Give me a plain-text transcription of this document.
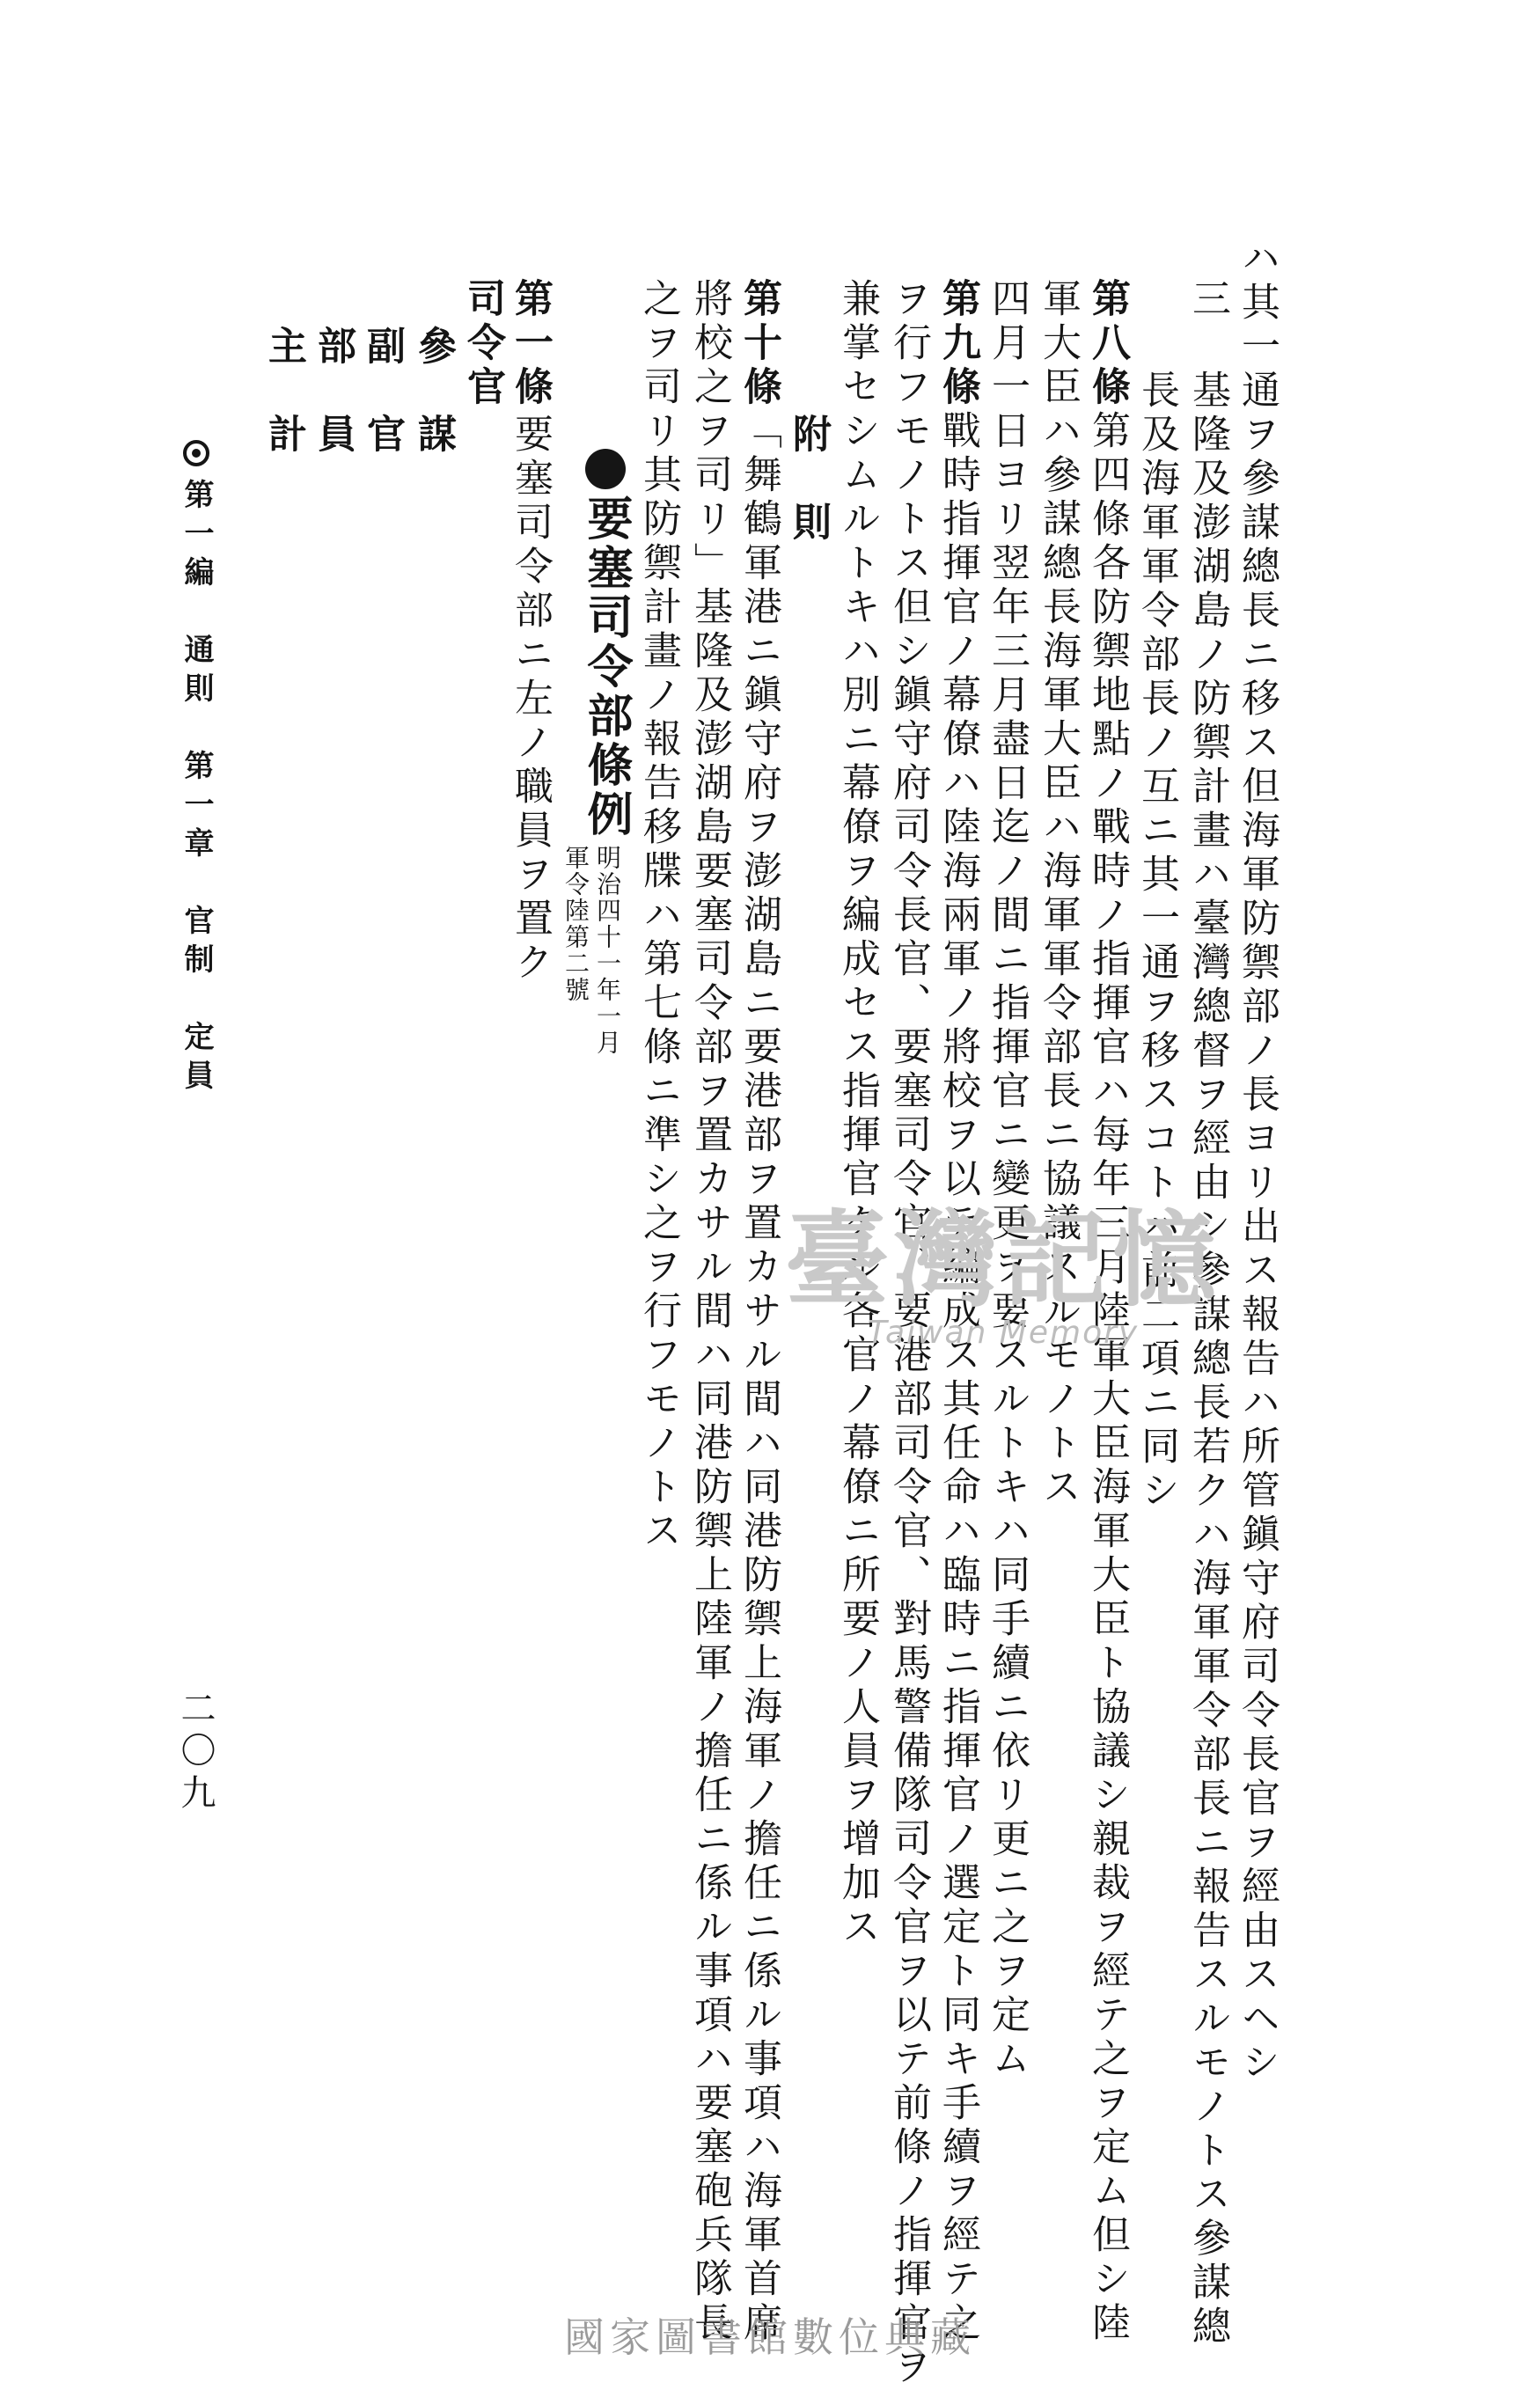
ハ其一通ヲ參謀總長ニ移ス但海軍防禦部ノ長ヨリ出ス報告ハ所管鎭守府司令長官ヲ經由スヘシ
三
基隆及澎湖島ノ防禦計畫ハ臺灣總督ヲ經由シ參謀總長若クハ海軍軍令部長ニ報告スルモノトス參謀總
長及海軍軍令部長ノ互ニ其一通ヲ移スコトハ前二項ニ同シ
第八條
第四條各防禦地點ノ戰時ノ指揮官ハ每年三月陸軍大臣海軍大臣ト協議シ親裁ヲ經テ之ヲ定ム但シ陸
軍大臣ハ參謀總長海軍大臣ハ海軍軍令部長ニ協議スルモノトス
四月一日ヨリ翌年三月盡日迄ノ間ニ指揮官ニ變更ヲ要スルトキハ同手續ニ依リ更ニ之ヲ定ム
第九條
戰時指揮官ノ幕僚ハ陸海兩軍ノ將校ヲ以テ編成ス其任命ハ臨時ニ指揮官ノ選定ト同キ手續ヲ經テ之
ヲ行フモノトス但シ鎭守府司令長官、要塞司令官、要港部司令官、對馬警備隊司令官ヲ以テ前條ノ指揮官ヲ
兼掌セシムルトキハ別ニ幕僚ヲ編成セス指揮官タル各官ノ幕僚ニ所要ノ人員ヲ增加ス
附　則
第十條
「舞鶴軍港ニ鎭守府ヲ澎湖島ニ要港部ヲ置カサル間ハ同港防禦上海軍ノ擔任ニ係ル事項ハ海軍首席
將校之ヲ司リ」基隆及澎湖島要塞司令部ヲ置カサル間ハ同港防禦上陸軍ノ擔任ニ係ル事項ハ要塞砲兵隊長
之ヲ司リ其防禦計畫ノ報告移牒ハ第七條ニ準シ之ヲ行フモノトス
要塞司令部條例
明治四十一年一月
軍令陸第二號
第一條
要塞司令部ニ左ノ職員ヲ置ク
司令官
參　謀
副　官
部　員
主　計
第一編　通則　第一章　官制　定員
二〇九
臺灣記憶
Taiwan Memory
國家圖書館數位典藏
